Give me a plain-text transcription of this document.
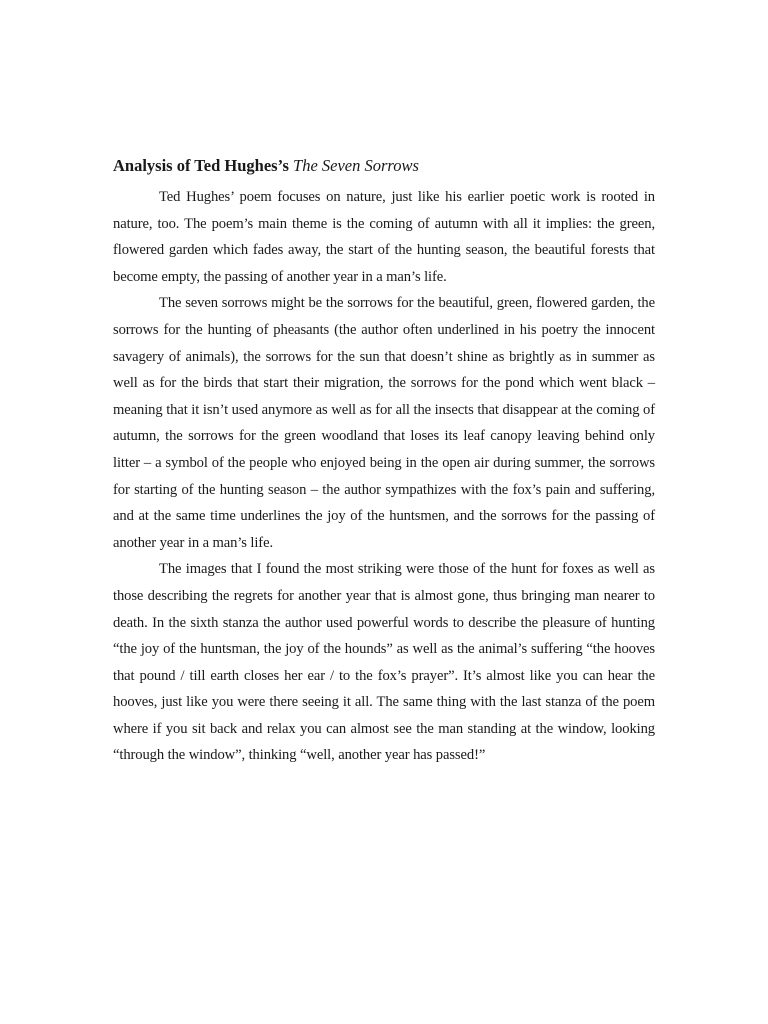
Analysis of Ted Hughes’s The Seven Sorrows

Ted Hughes’ poem focuses on nature, just like his earlier poetic work is rooted in nature, too. The poem’s main theme is the coming of autumn with all it implies: the green, flowered garden which fades away, the start of the hunting season, the beautiful forests that become empty, the passing of another year in a man’s life.

The seven sorrows might be the sorrows for the beautiful, green, flowered garden, the sorrows for the hunting of pheasants (the author often underlined in his poetry the innocent savagery of animals), the sorrows for the sun that doesn’t shine as brightly as in summer as well as for the birds that start their migration, the sorrows for the pond which went black – meaning that it isn’t used anymore as well as for all the insects that disappear at the coming of autumn, the sorrows for the green woodland that loses its leaf canopy leaving behind only litter – a symbol of the people who enjoyed being in the open air during summer, the sorrows for starting of the hunting season – the author sympathizes with the fox’s pain and suffering, and at the same time underlines the joy of the huntsmen, and the sorrows for the passing of another year in a man’s life.

The images that I found the most striking were those of the hunt for foxes as well as those describing the regrets for another year that is almost gone, thus bringing man nearer to death. In the sixth stanza the author used powerful words to describe the pleasure of hunting “the joy of the huntsman, the joy of the hounds” as well as the animal’s suffering “the hooves that pound / till earth closes her ear / to the fox’s prayer”. It’s almost like you can hear the hooves, just like you were there seeing it all. The same thing with the last stanza of the poem where if you sit back and relax you can almost see the man standing at the window, looking “through the window”, thinking “well, another year has passed!”
